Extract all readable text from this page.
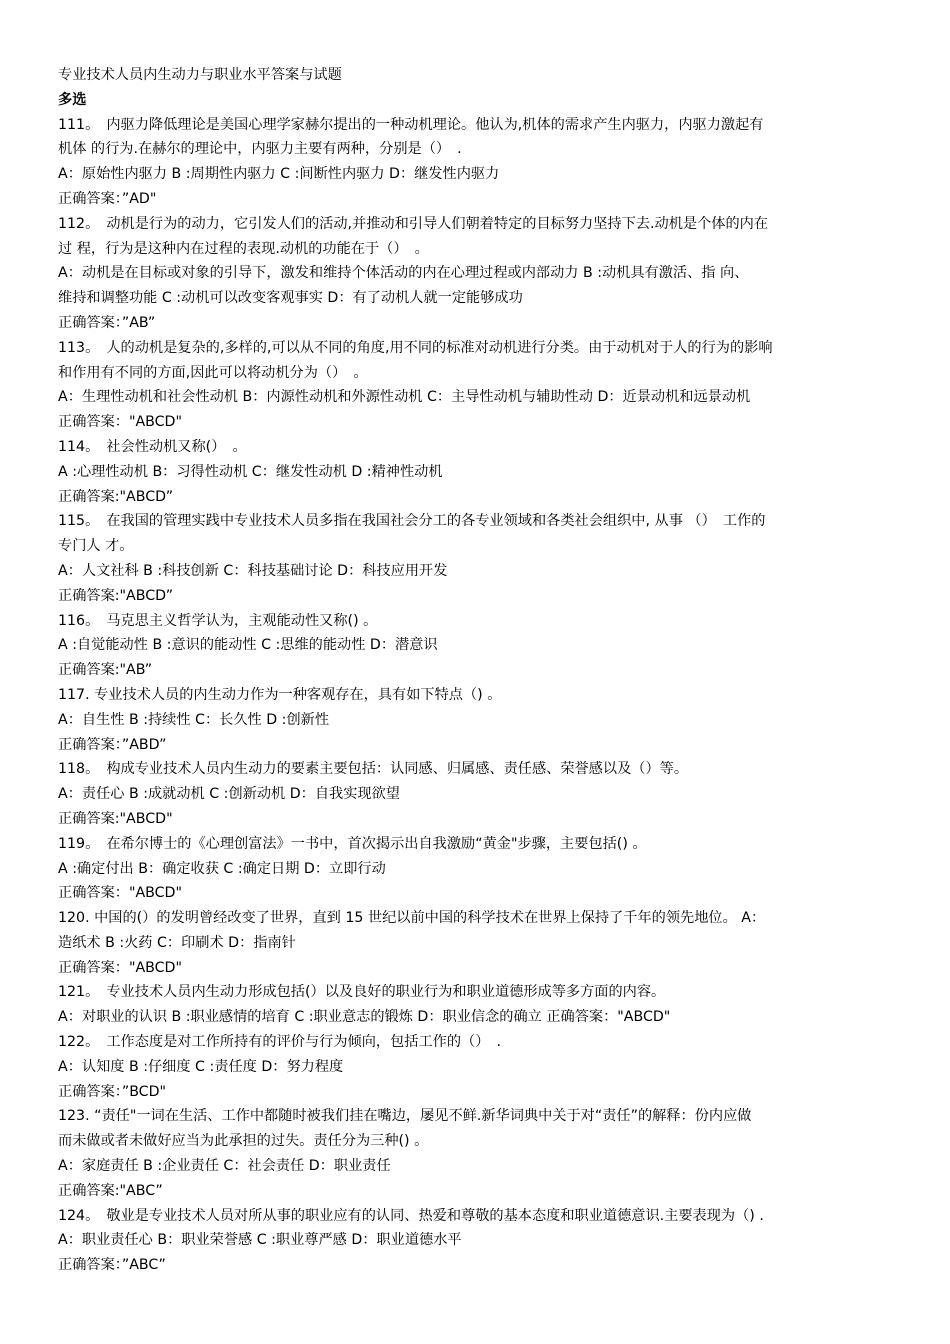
专业技术人员内生动力与职业水平答案与试题
多选
111。　内驱力降低理论是美国心理学家赫尔提出的一种动机理论。他认为,机体的需求产生内驱力，内驱力激起有
机体 的行为.在赫尔的理论中，内驱力主要有两种，分别是（）　.
A：原始性内驱力 B :周期性内驱力 C :间断性内驱力 D：继发性内驱力
正确答案：”AD"
112。　动机是行为的动力，它引发人们的活动,并推动和引导人们朝着特定的目标努力坚持下去.动机是个体的内在
过 程，行为是这种内在过程的表现.动机的功能在于（）　。
A：动机是在目标或对象的引导下，激发和维持个体活动的内在心理过程或内部动力 B :动机具有激活、指 向、
维持和调整功能 C :动机可以改变客观事实 D：有了动机人就一定能够成功
正确答案：”AB”
113。　人的动机是复杂的,多样的,可以从不同的角度,用不同的标准对动机进行分类。由于动机对于人的行为的影响
和作用有不同的方面,因此可以将动机分为（）　。
A：生理性动机和社会性动机 B：内源性动机和外源性动机 C：主导性动机与辅助性动 D：近景动机和远景动机
正确答案："ABCD"
114。　社会性动机又称(）　。
A :心理性动机 B：习得性动机 C：继发性动机 D :精神性动机
正确答案:"ABCD”
115。　在我国的管理实践中专业技术人员多指在我国社会分工的各专业领域和各类社会组织中, 从事 （）　工作的
专门人 才。
A：人文社科 B :科技创新 C：科技基础讨论 D：科技应用开发
正确答案:"ABCD”
116。　马克思主义哲学认为，主观能动性又称() 。
A :自觉能动性 B :意识的能动性 C :思维的能动性 D：潜意识
正确答案:"AB”
117. 专业技术人员的内生动力作为一种客观存在，具有如下特点（) 。
A：自生性 B :持续性 C：长久性 D :创新性
正确答案：”ABD”
118。　构成专业技术人员内生动力的要素主要包括：认同感、归属感、责任感、荣誉感以及（）等。
A：责任心 B :成就动机 C :创新动机 D：自我实现欲望
正确答案:"ABCD"
119。　在希尔博士的《心理创富法》一书中，首次揭示出自我激励“黄金"步骤，主要包括() 。
A :确定付出 B：确定收获 C :确定日期 D：立即行动
正确答案："ABCD"
120. 中国的(）的发明曾经改变了世界，直到 15 世纪以前中国的科学技术在世界上保持了千年的领先地位。 A：
造纸术 B :火药 C：印刷术 D：指南针
正确答案："ABCD"
121。　专业技术人员内生动力形成包括(）以及良好的职业行为和职业道德形成等多方面的内容。
A：对职业的认识 B :职业感情的培育 C :职业意志的锻炼 D：职业信念的确立 正确答案："ABCD"
122。　工作态度是对工作所持有的评价与行为倾向，包括工作的（）　.
A：认知度 B :仔细度 C :责任度 D：努力程度
正确答案：”BCD"
123. “责任"一词在生活、工作中都随时被我们挂在嘴边，屡见不鲜.新华词典中关于对“责任”的解释：份内应做
而未做或者未做好应当为此承担的过失。责任分为三种() 。
A：家庭责任 B :企业责任 C：社会责任 D：职业责任
正确答案:"ABC”
124。　敬业是专业技术人员对所从事的职业应有的认同、热爱和尊敬的基本态度和职业道德意识.主要表现为（) .
A：职业责任心 B：职业荣誉感 C :职业尊严感 D：职业道德水平
正确答案：”ABC”
